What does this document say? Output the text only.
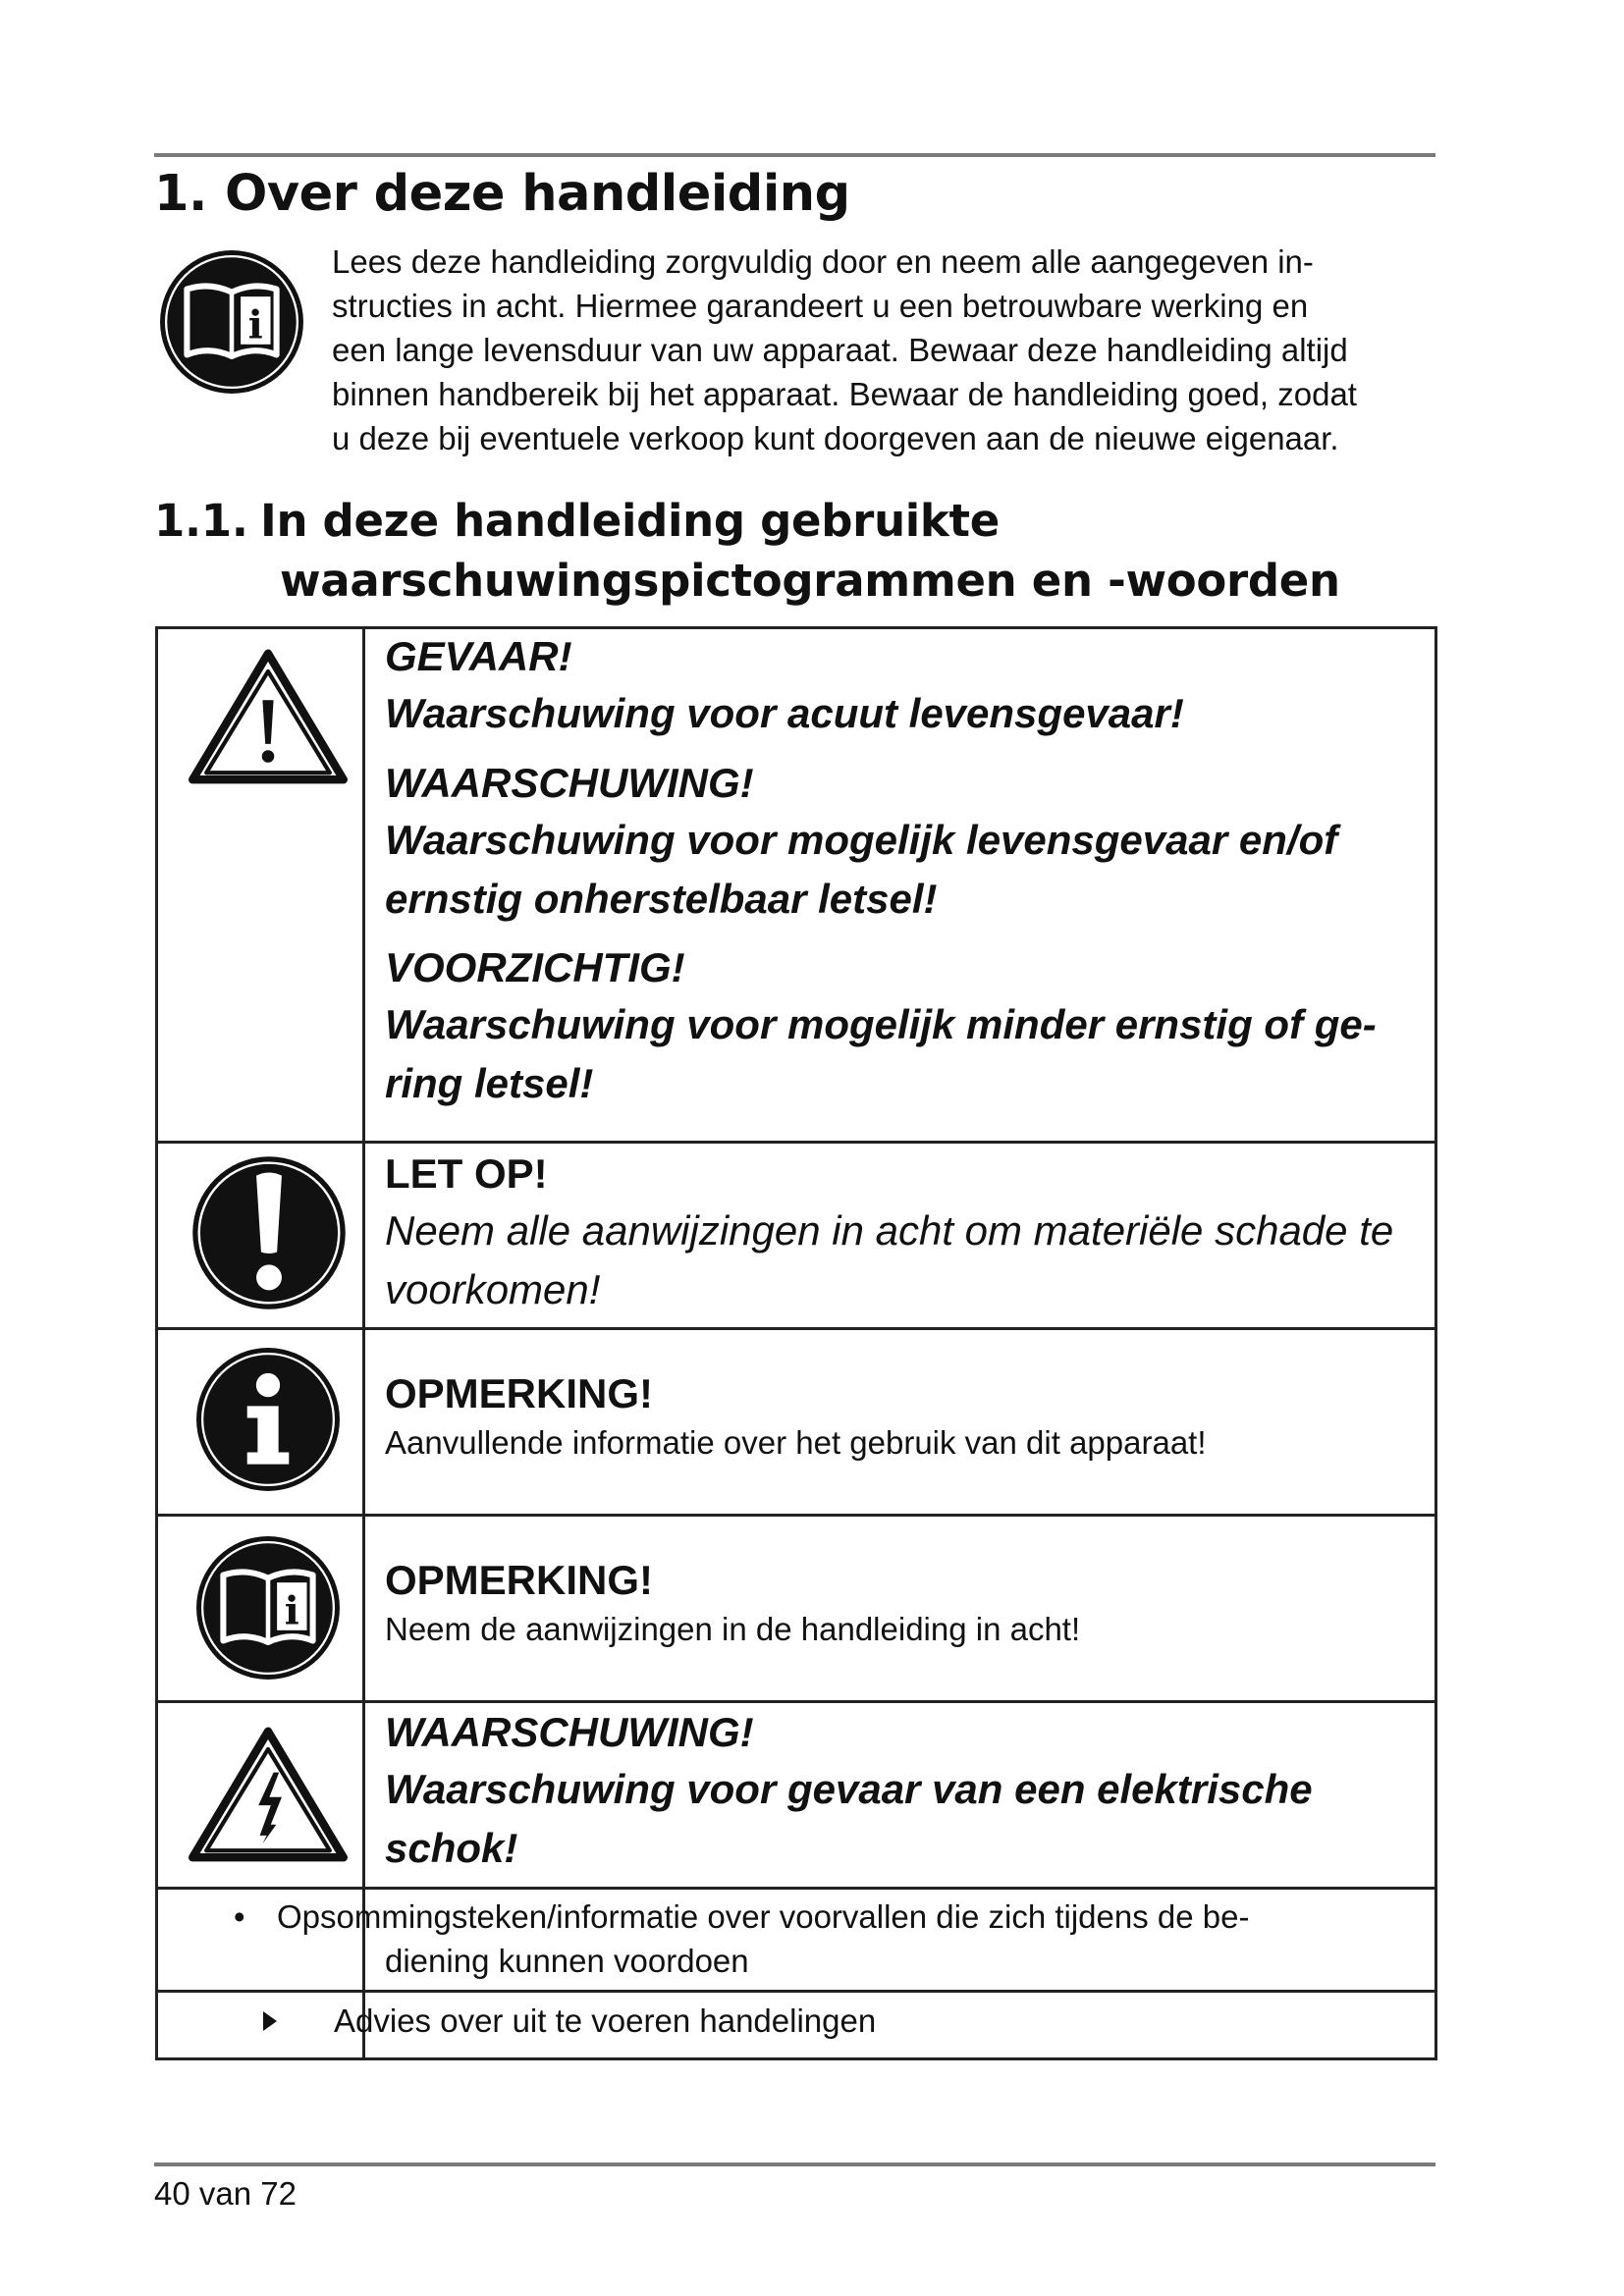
1. Over deze handleiding
i
Lees deze handleiding zorgvuldig door en neem alle aangegeven in-
structies in acht. Hiermee garandeert u een betrouwbare werking en
een lange levensduur van uw apparaat. Bewaar deze handleiding altijd
binnen handbereik bij het apparaat. Bewaar de handleiding goed, zodat
u deze bij eventuele verkoop kunt doorgeven aan de nieuwe eigenaar.
1.1. In deze handleiding gebruikte
waarschuwingspictogrammen en -woorden

GEVAAR!

Waarschuwing voor acuut levensgevaar!

WAARSCHUWING!

Waarschuwing voor mogelijk levensgevaar en/of
ernstig onherstelbaar letsel!

VOORZICHTIG!

Waarschuwing voor mogelijk minder ernstig of ge-
ring letsel!

LET OP!

Neem alle aanwijzingen in acht om materiële schade te
voorkomen!

OPMERKING!

Aanvullende informatie over het gebruik van dit apparaat!

i

OPMERKING!

Neem de aanwijzingen in de handleiding in acht!

WAARSCHUWING!

Waarschuwing voor gevaar van een elektrische
schok!

• Opsommingsteken/informatie over voorvallen die zich tijdens de be-
diening kunnen voordoen
Advies over uit te voeren handelingen
40 van 72
